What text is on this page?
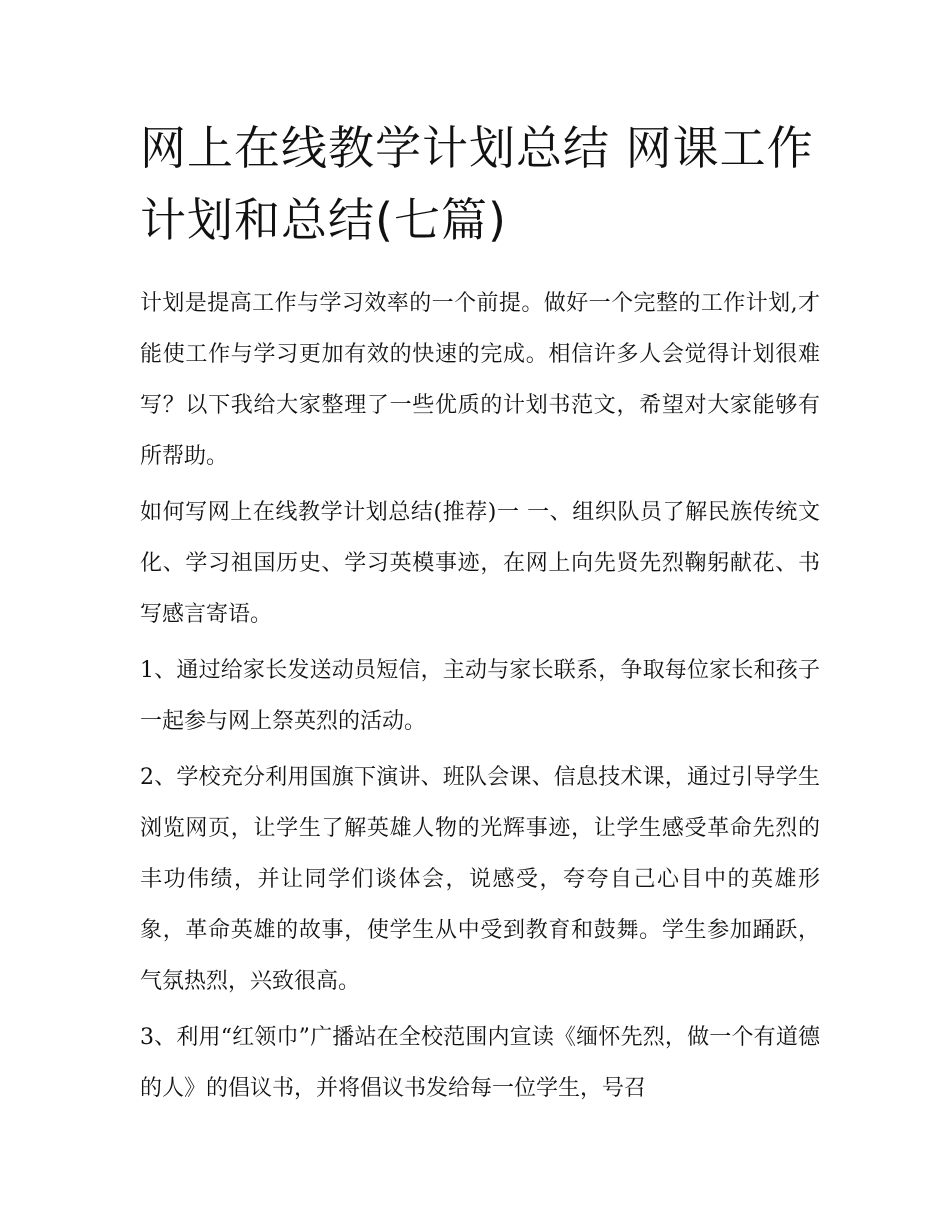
网上在线教学计划总结 网课工作计划和总结(七篇)

计划是提高工作与学习效率的一个前提。做好一个完整的工作计划,才能使工作与学习更加有效的快速的完成。相信许多人会觉得计划很难写？以下我给大家整理了一些优质的计划书范文，希望对大家能够有所帮助。

如何写网上在线教学计划总结(推荐)一 一、组织队员了解民族传统文化、学习祖国历史、学习英模事迹，在网上向先贤先烈鞠躬献花、书写感言寄语。

1、通过给家长发送动员短信，主动与家长联系，争取每位家长和孩子一起参与网上祭英烈的活动。

2、学校充分利用国旗下演讲、班队会课、信息技术课，通过引导学生浏览网页，让学生了解英雄人物的光辉事迹，让学生感受革命先烈的丰功伟绩，并让同学们谈体会，说感受，夸夸自己心目中的英雄形象，革命英雄的故事，使学生从中受到教育和鼓舞。学生参加踊跃，气氛热烈，兴致很高。

3、利用“红领巾”广播站在全校范围内宣读《缅怀先烈，做一个有道德的人》的倡议书，并将倡议书发给每一位学生，号召
